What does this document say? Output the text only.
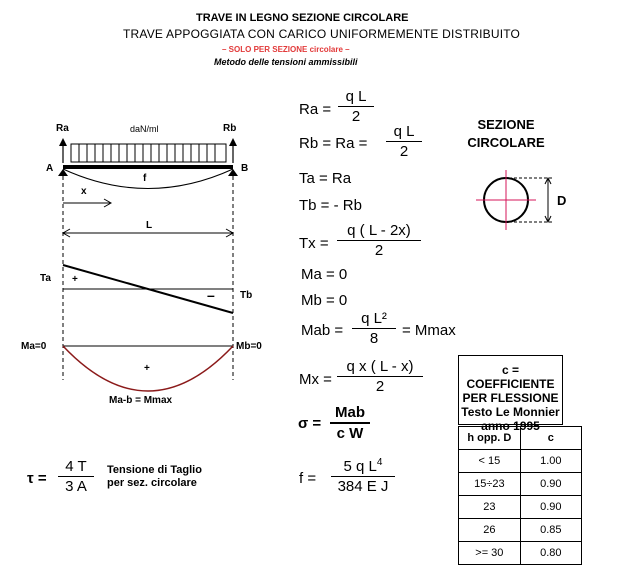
TRAVE IN LEGNO SEZIONE CIRCOLARE
TRAVE APPOGGIATA CON CARICO UNIFORMEMENTE DISTRIBUITO
– SOLO PER SEZIONE circolare –
Metodo delle tensioni ammissibili
Ra	Rb
daN/ml
A	B
f
x
L
Ta
Tb
+
–
Ma=0	Mb=0
+
Ma-b = Mmax
Ra =
q L
2
Rb = Ra =
q L
2
Ta = Ra
Tb = - Rb
Tx =
q ( L - 2x)
2
Ma = 0
Mb = 0
Mab =
q L²
8	= Mmax
Mx =
q x ( L - x)
2
σ =
Mab
c W
f =
5 q $L^4$
384 E J
τ =
4 T
3 A
Tensione di Taglio
per sez. circolare
SEZIONE
CIRCOLARE
D
c = COEFFICIENTE
PER FLESSIONE
Testo Le Monnier
anno 1995
h opp. D	c
< 15	1.00
15÷23	0.90
23	0.90
26	0.85
>= 30	0.80
